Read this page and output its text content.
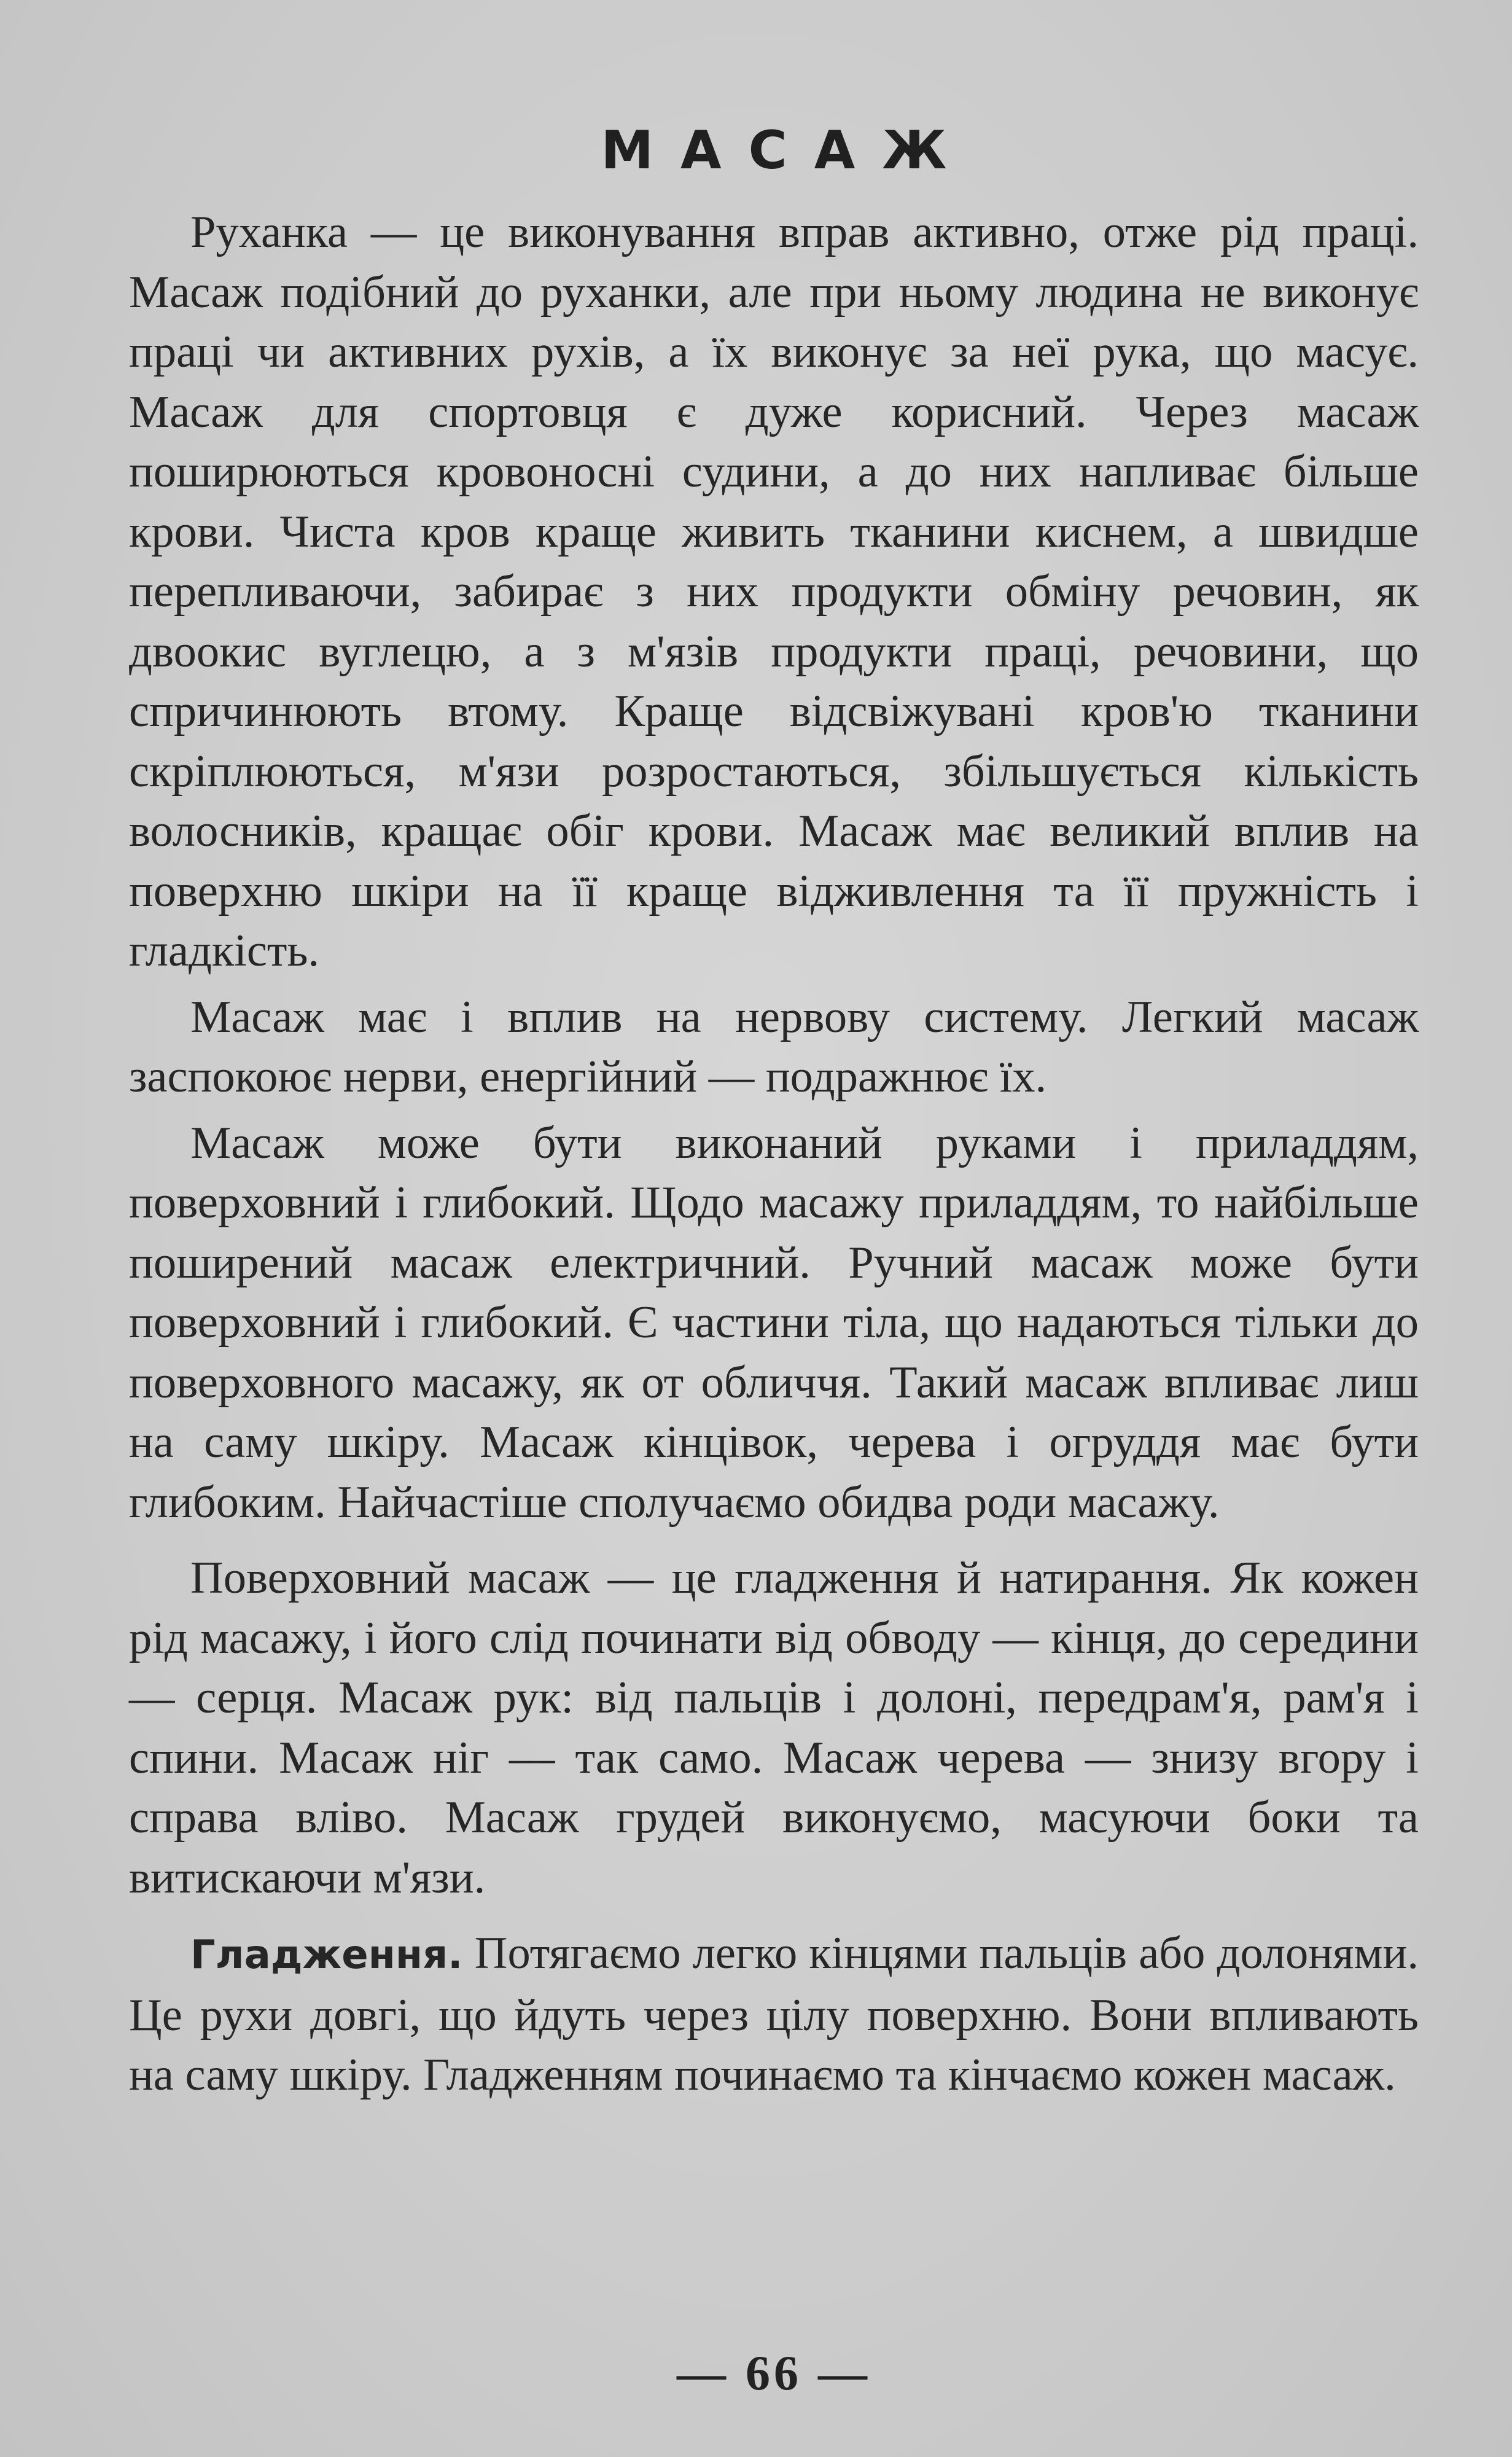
МАСАЖ

Руханка — це виконування вправ активно, отже рід праці. Масаж подібний до руханки, але при ньому людина не виконує праці чи активних рухів, а їх виконує за неї рука, що масує. Масаж для спортовця є дуже корисний. Через масаж поширюються кровоносні судини, а до них напливає більше крови. Чиста кров краще живить тканини киснем, а швидше перепливаючи, забирає з них продукти обміну речовин, як двоокис вуглецю, а з м'язів продукти праці, речовини, що спричинюють втому. Краще відсвіжувані кров'ю тканини скріплюються, м'язи розростаються, збільшується кількість волосників, кращає обіг крови. Масаж має великий вплив на поверхню шкіри на її краще відживлення та її пружність і гладкість.

Масаж має і вплив на нервову систему. Легкий масаж заспокоює нерви, енергійний — подражнює їх.

Масаж може бути виконаний руками і приладдям, поверховний і глибокий. Щодо масажу приладдям, то найбільше поширений масаж електричний. Ручний масаж може бути поверховний і глибокий. Є частини тіла, що надаються тільки до поверховного масажу, як от обличчя. Такий масаж впливає лиш на саму шкіру. Масаж кінцівок, черева і огруддя має бути глибоким. Найчастіше сполучаємо обидва роди масажу.

Поверховний масаж — це гладження й натирання. Як кожен рід масажу, і його слід починати від обводу — кінця, до середини — серця. Масаж рук: від пальців і долоні, передрам'я, рам'я і спини. Масаж ніг — так само. Масаж черева — знизу вгору і справа вліво. Масаж грудей виконуємо, масуючи боки та витискаючи м'язи.

Гладження. Потягаємо легко кінцями пальців або долонями. Це рухи довгі, що йдуть через цілу поверхню. Вони впливають на саму шкіру. Гладженням починаємо та кінчаємо кожен масаж.

— 66 —
